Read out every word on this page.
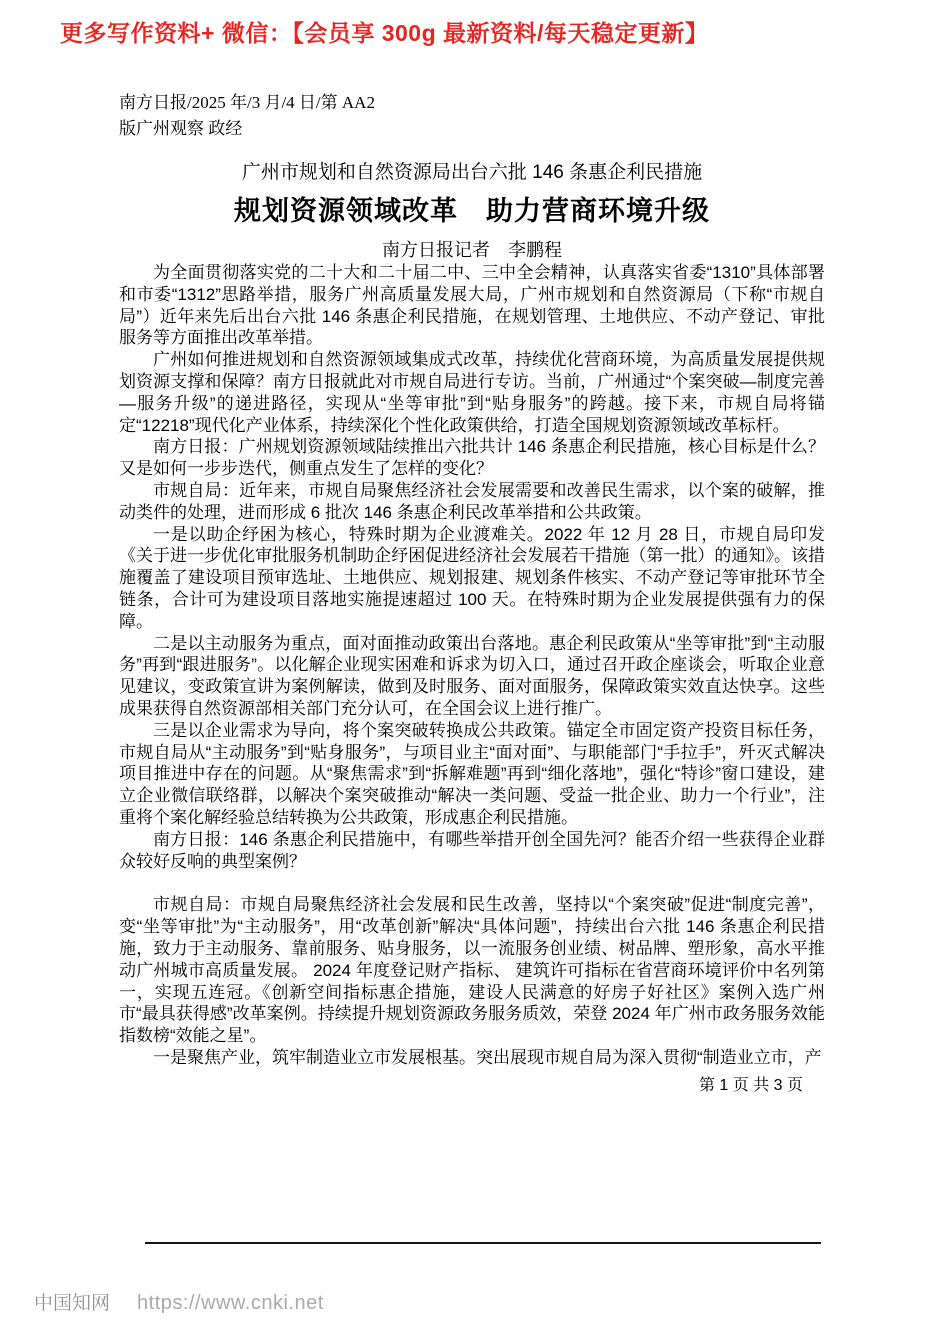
更多写作资料+ 微信：【会员享 300g 最新资料/每天稳定更新】
南方日报/2025 年/3 月/4 日/第 AA2
版广州观察 政经
广州市规划和自然资源局出台六批 146 条惠企利民措施
规划资源领域改革　助力营商环境升级
南方日报记者　李鹏程

为全面贯彻落实党的二十大和二十届二中、三中全会精神，认真落实省委“1310”具体部署和市委“1312”思路举措，服务广州高质量发展大局，广州市规划和自然资源局（下称“市规自局”）近年来先后出台六批 146 条惠企利民措施，在规划管理、土地供应、不动产登记、审批服务等方面推出改革举措。

广州如何推进规划和自然资源领域集成式改革，持续优化营商环境，为高质量发展提供规划资源支撑和保障？南方日报就此对市规自局进行专访。当前，广州通过“个案突破—制度完善—服务升级”的递进路径，实现从“坐等审批”到“贴身服务”的跨越。接下来，市规自局将锚定“12218”现代化产业体系，持续深化个性化政策供给，打造全国规划资源领域改革标杆。

南方日报：广州规划资源领域陆续推出六批共计 146 条惠企利民措施，核心目标是什么？又是如何一步步迭代，侧重点发生了怎样的变化？

市规自局：近年来，市规自局聚焦经济社会发展需要和改善民生需求，以个案的破解，推动类件的处理，进而形成 6 批次 146 条惠企利民改革举措和公共政策。

一是以助企纾困为核心，特殊时期为企业渡难关。2022 年 12 月 28 日，市规自局印发《关于进一步优化审批服务机制助企纾困促进经济社会发展若干措施（第一批）的通知》。该措施覆盖了建设项目预审选址、土地供应、规划报建、规划条件核实、不动产登记等审批环节全链条，合计可为建设项目落地实施提速超过 100 天。在特殊时期为企业发展提供强有力的保障。

二是以主动服务为重点，面对面推动政策出台落地。惠企利民政策从“坐等审批”到“主动服务”再到“跟进服务”。以化解企业现实困难和诉求为切入口，通过召开政企座谈会，听取企业意见建议，变政策宣讲为案例解读，做到及时服务、面对面服务，保障政策实效直达快享。这些成果获得自然资源部相关部门充分认可，在全国会议上进行推广。

三是以企业需求为导向，将个案突破转换成公共政策。锚定全市固定资产投资目标任务，市规自局从“主动服务”到“贴身服务”，与项目业主“面对面”、与职能部门“手拉手”，歼灭式解决项目推进中存在的问题。从“聚焦需求”到“拆解难题”再到“细化落地”，强化“特诊”窗口建设，建立企业微信联络群，以解决个案突破推动“解决一类问题、受益一批企业、助力一个行业”，注重将个案化解经验总结转换为公共政策，形成惠企利民措施。

南方日报：146 条惠企利民措施中，有哪些举措开创全国先河？能否介绍一些获得企业群众较好反响的典型案例？

市规自局：市规自局聚焦经济社会发展和民生改善，坚持以“个案突破”促进“制度完善”，变“坐等审批”为“主动服务”，用“改革创新”解决“具体问题”，持续出台六批 146 条惠企利民措施，致力于主动服务、靠前服务、贴身服务，以一流服务创业绩、树品牌、塑形象，高水平推动广州城市高质量发展。 2024 年度登记财产指标、 建筑许可指标在省营商环境评价中名列第一，实现五连冠。《创新空间指标惠企措施，建设人民满意的好房子好社区》案例入选广州市“最具获得感”改革案例。持续提升规划资源政务服务质效，荣登 2024 年广州市政务服务效能指数榜“效能之星”。

一是聚焦产业，筑牢制造业立市发展根基。突出展现市规自局为深入贯彻“制造业立市，产

第 1 页 共 3 页
中国知网 https://www.cnki.net
